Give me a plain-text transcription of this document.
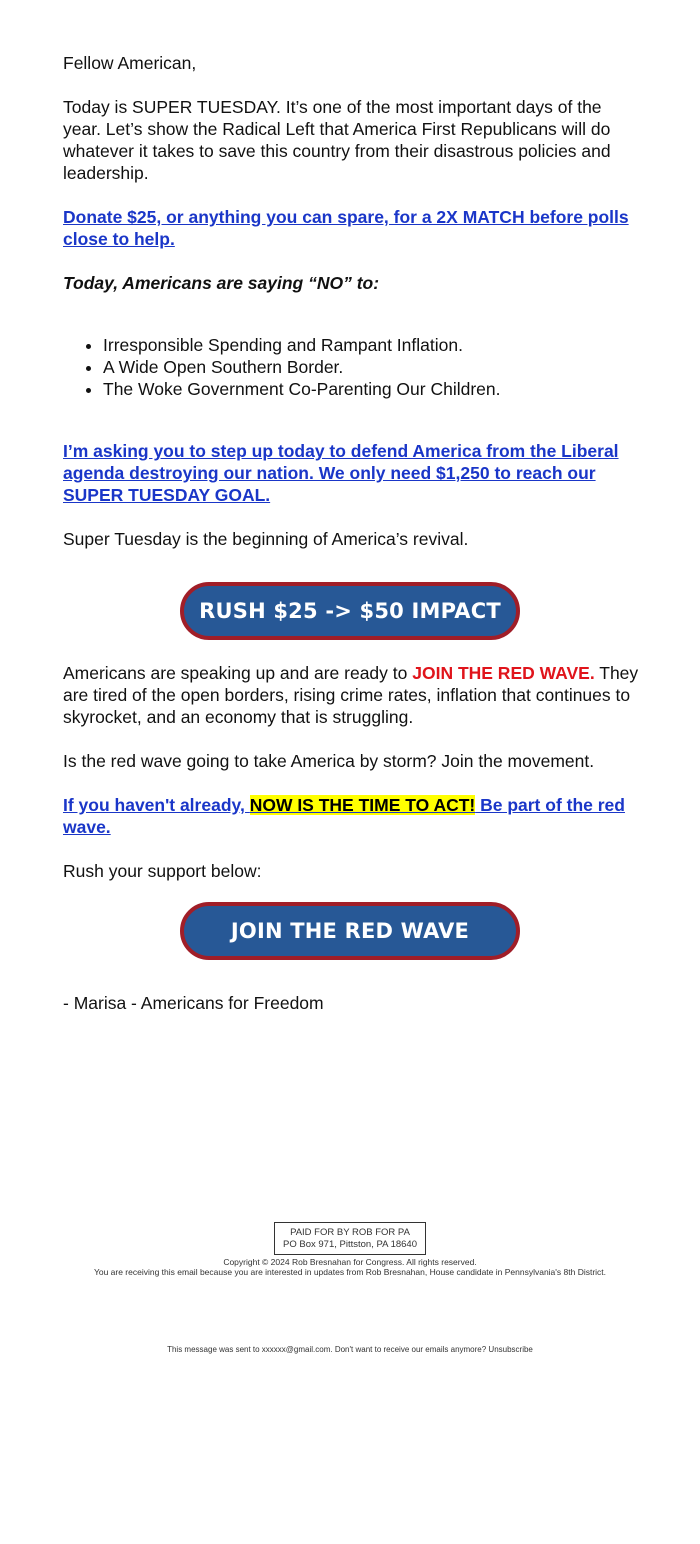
Fellow American,

Today is SUPER TUESDAY. It’s one of the most important days of the year. Let’s show the Radical Left that America First Republicans will do whatever it takes to save this country from their disastrous policies and leadership.

Donate $25, or anything you can spare, for a 2X MATCH before polls close to help.

Today, Americans are saying “NO” to:

• Irresponsible Spending and Rampant Inflation.
• A Wide Open Southern Border.
• The Woke Government Co-Parenting Our Children.

I’m asking you to step up today to defend America from the Liberal agenda destroying our nation. We only need $1,250 to reach our SUPER TUESDAY GOAL.

Super Tuesday is the beginning of America’s revival.

Americans are speaking up and are ready to JOIN THE RED WAVE. They are tired of the open borders, rising crime rates, inflation that continues to skyrocket, and an economy that is struggling.

Is the red wave going to take America by storm? Join the movement.

If you haven't already, NOW IS THE TIME TO ACT! Be part of the red wave.

Rush your support below:

RUSH $25 -> $50 IMPACT
JOIN THE RED WAVE

- Marisa - Americans for Freedom

PAID FOR BY ROB FOR PA
PO Box 971, Pittston, PA 18640
Copyright © 2024 Rob Bresnahan for Congress. All rights reserved.
You are receiving this email because you are interested in updates from Rob Bresnahan, House candidate in Pennsylvania's 8th District.
This message was sent to xxxxxx@gmail.com. Don't want to receive our emails anymore? Unsubscribe
